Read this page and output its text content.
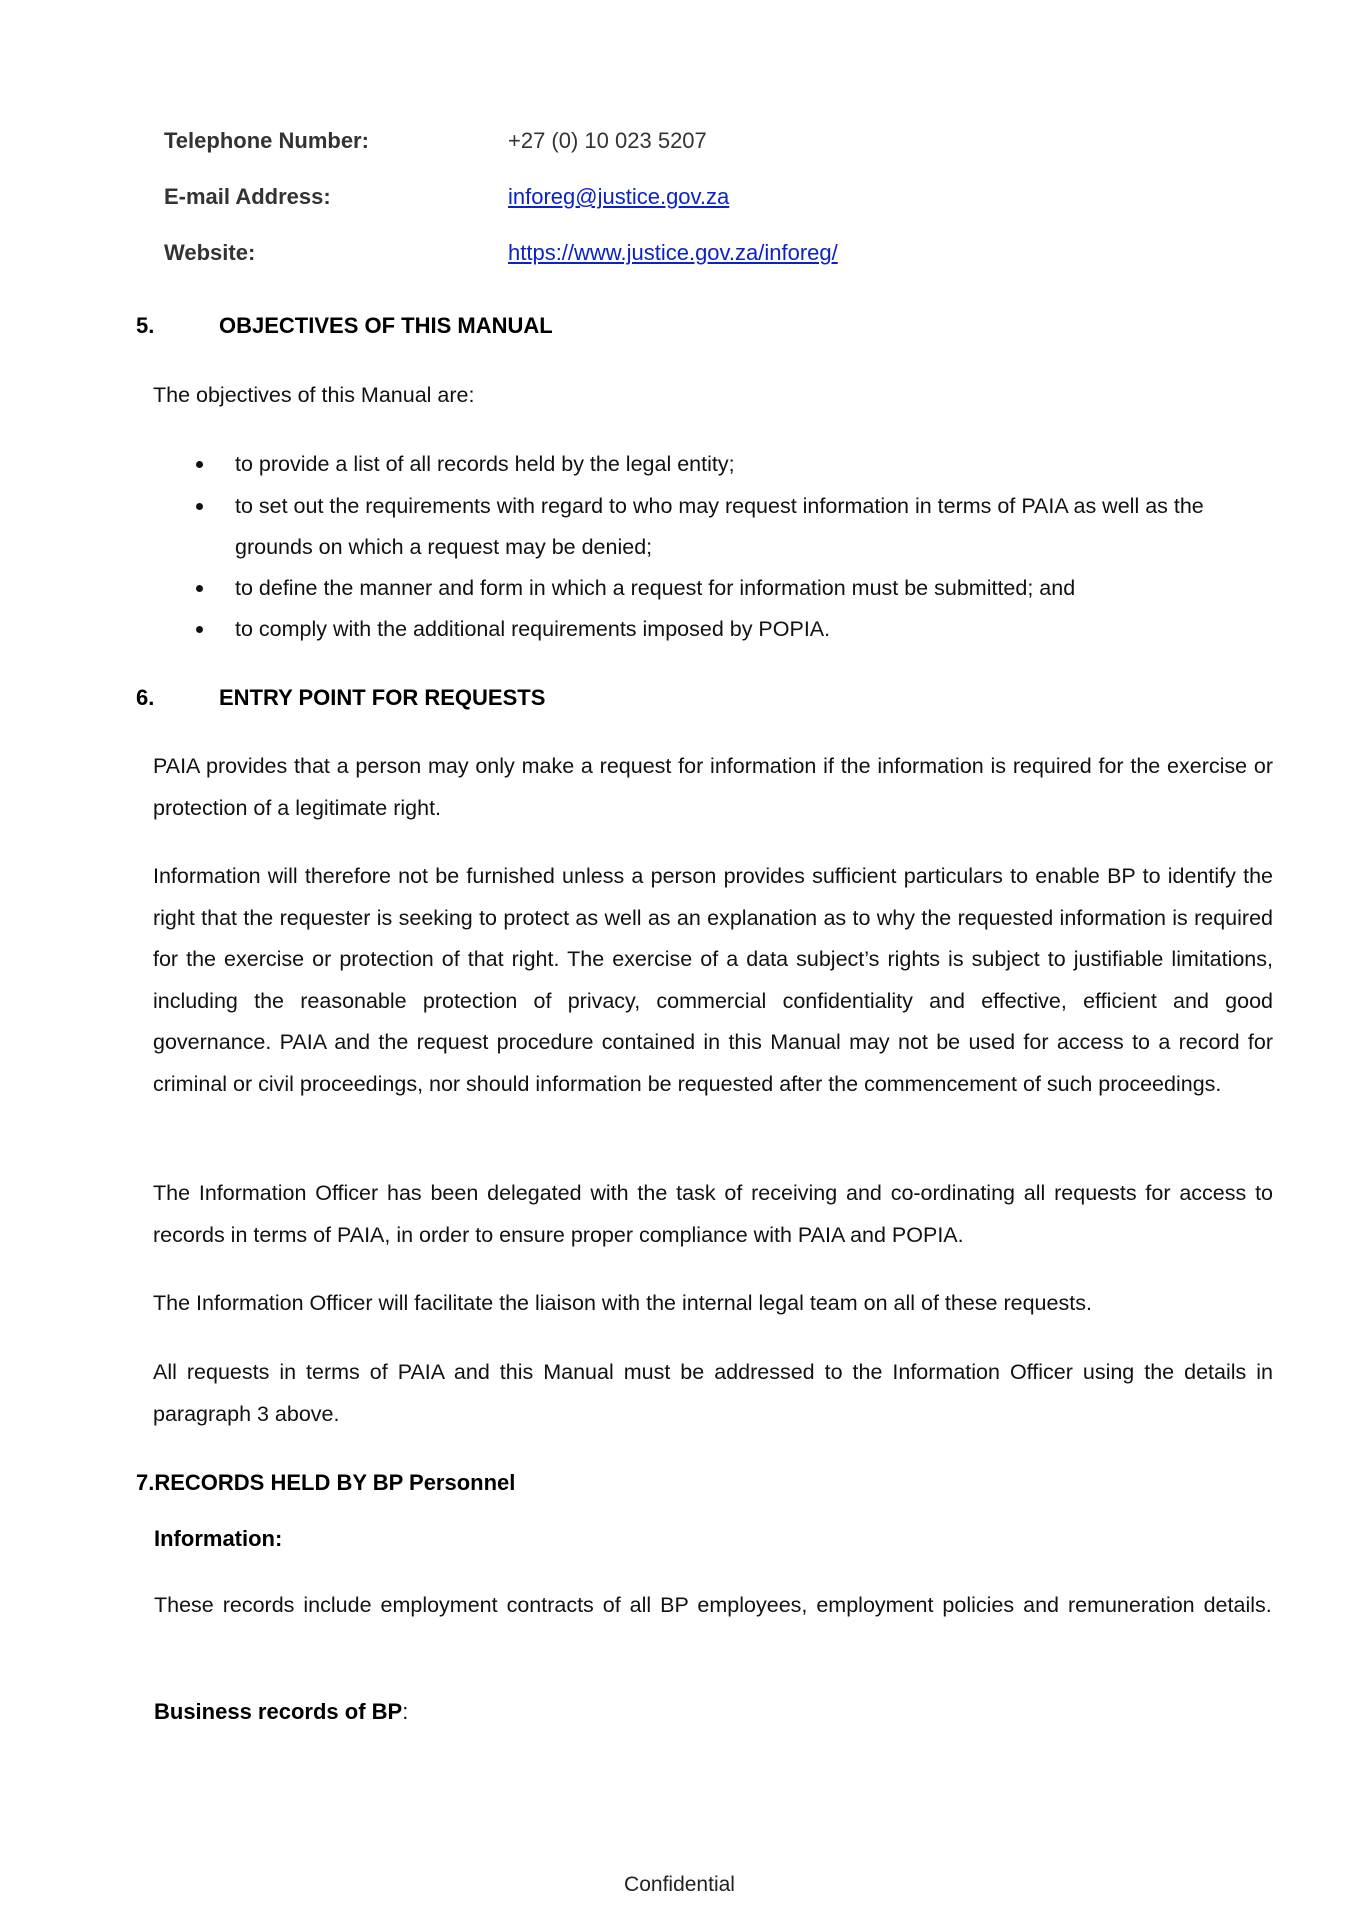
Telephone Number:	+27 (0) 10 023 5207
E-mail Address:	inforeg@justice.gov.za
Website:	https://www.justice.gov.za/inforeg/
5.	OBJECTIVES OF THIS MANUAL
The objectives of this Manual are:
to provide a list of all records held by the legal entity;
to set out the requirements with regard to who may request information in terms of PAIA as well as the grounds on which a request may be denied;
to define the manner and form in which a request for information must be submitted; and
to comply with the additional requirements imposed by POPIA.
6.	ENTRY POINT FOR REQUESTS
PAIA provides that a person may only make a request for information if the information is required for the exercise or protection of a legitimate right.
Information will therefore not be furnished unless a person provides sufficient particulars to enable BP to identify the right that the requester is seeking to protect as well as an explanation as to why the requested information is required for the exercise or protection of that right. The exercise of a data subject’s rights is subject to justifiable limitations, including the reasonable protection of privacy, commercial confidentiality and effective, efficient and good governance. PAIA and the request procedure contained in this Manual may not be used for access to a record for criminal or civil proceedings, nor should information be requested after the commencement of such proceedings.
The Information Officer has been delegated with the task of receiving and co-ordinating all requests for access to records in terms of PAIA, in order to ensure proper compliance with PAIA and POPIA.
The Information Officer will facilitate the liaison with the internal legal team on all of these requests.
All requests in terms of PAIA and this Manual must be addressed to the Information Officer using the details in paragraph 3 above.
7.RECORDS HELD BY BP Personnel
Information:
These records include employment contracts of all BP employees, employment policies and remuneration details.
Business records of BP:
Confidential
